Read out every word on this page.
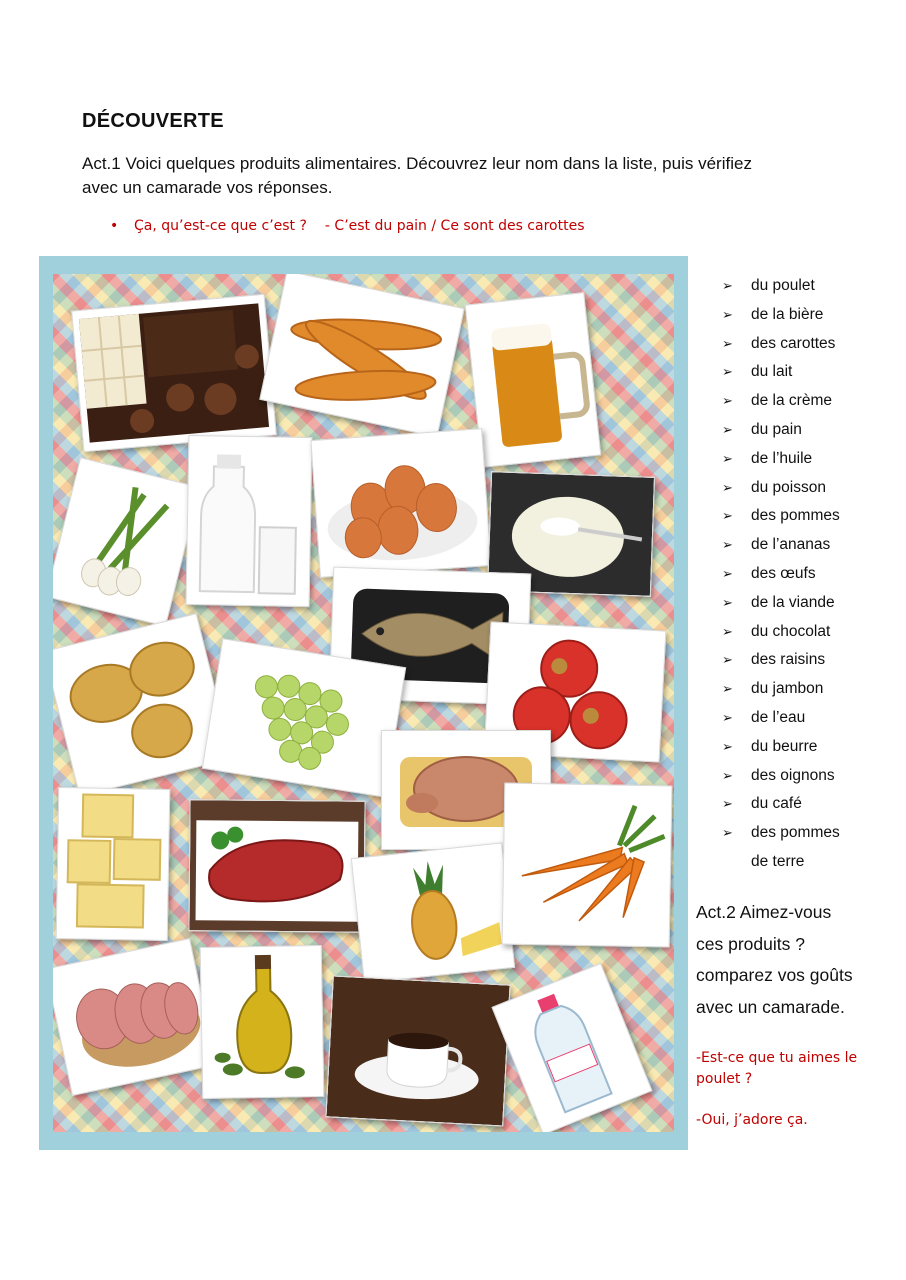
DÉCOUVERTE
Act.1 Voici quelques produits alimentaires. Découvrez leur nom dans la liste, puis vérifiez
avec un camarade vos réponses.
• Ça, qu’est-ce que c’est ? - C’est du pain / Ce sont des carottes
➢ du poulet
➢ de la bière
➢ des carottes
➢ du lait
➢ de la crème
➢ du pain
➢ de l’huile
➢ du poisson
➢ des pommes
➢ de l’ananas
➢ des œufs
➢ de la viande
➢ du chocolat
➢ des raisins
➢ du jambon
➢ de l’eau
➢ du beurre
➢ des oignons
➢ du café
➢ des pommes
de terre
Act.2 Aimez-vous
ces produits ?
comparez vos goûts
avec un camarade.
-Est-ce que tu aimes le
poulet ?
-Oui, j’adore ça.
